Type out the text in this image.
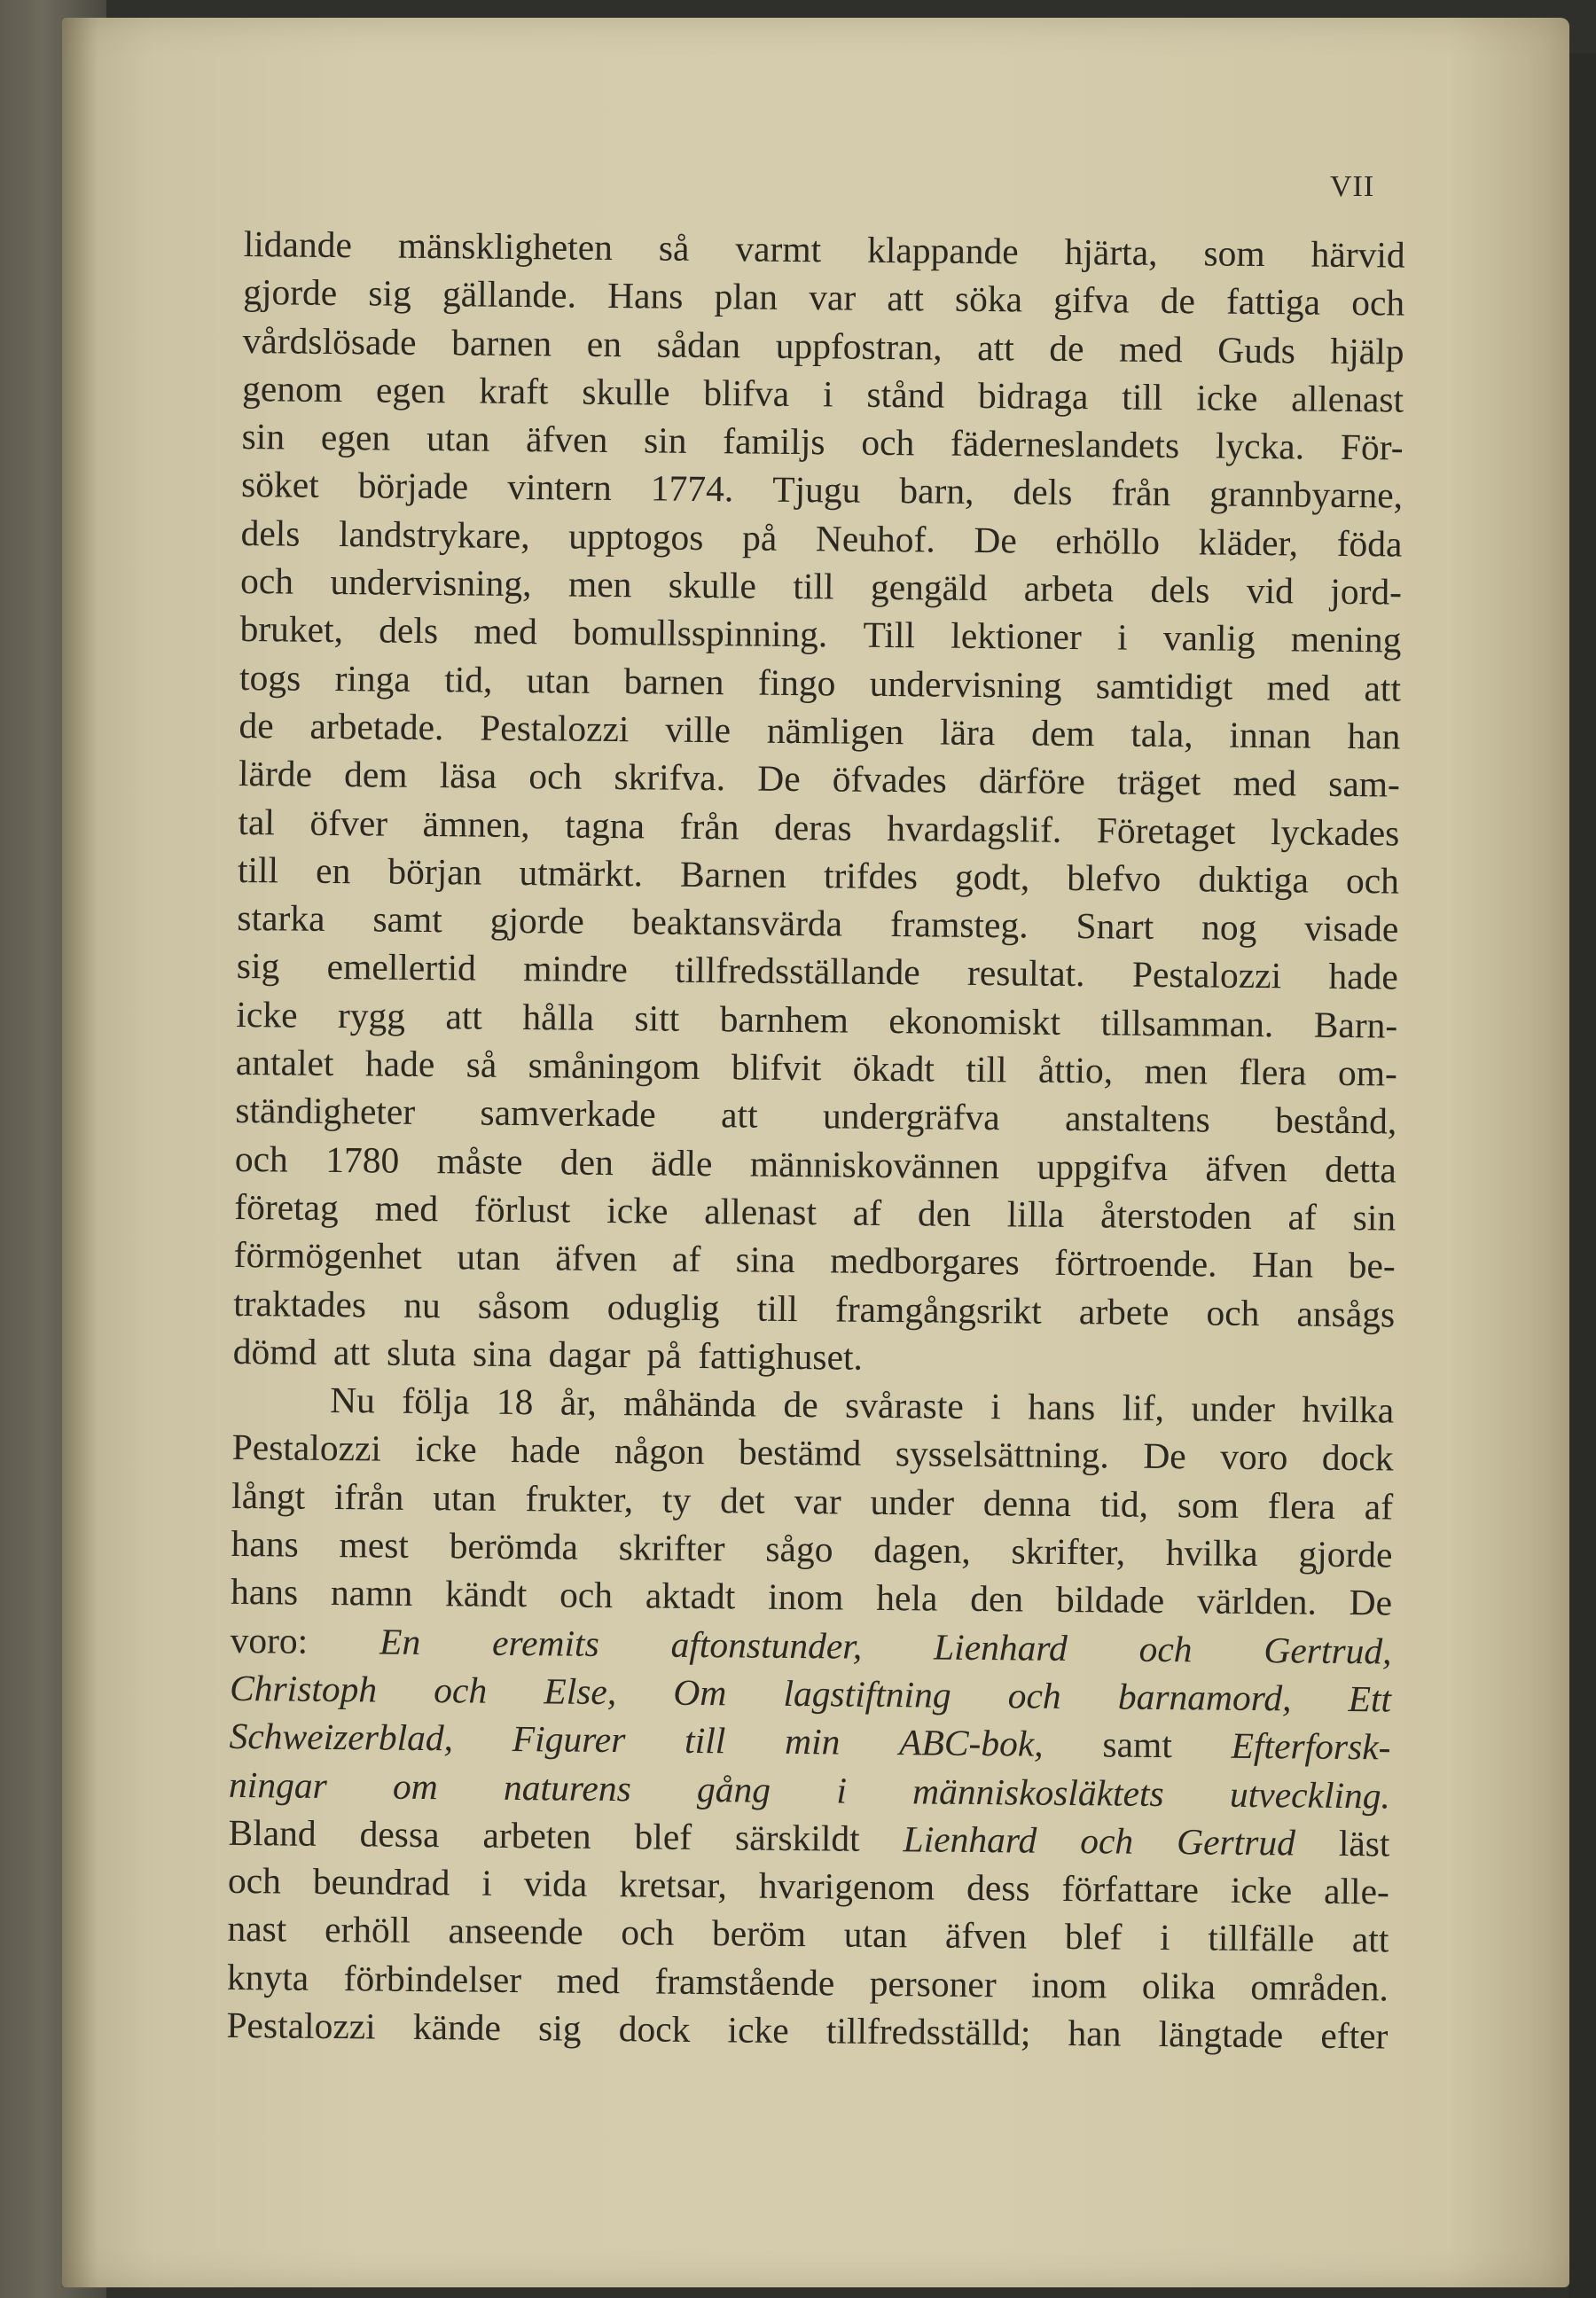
VII
lidande mänskligheten så varmt klappande hjärta, som härvid
gjorde sig gällande. Hans plan var att söka gifva de fattiga och
vårdslösade barnen en sådan uppfostran, att de med Guds hjälp
genom egen kraft skulle blifva i stånd bidraga till icke allenast
sin egen utan äfven sin familjs och fäderneslandets lycka. För-
söket började vintern 1774. Tjugu barn, dels från grannbyarne,
dels landstrykare, upptogos på Neuhof. De erhöllo kläder, föda
och undervisning, men skulle till gengäld arbeta dels vid jord-
bruket, dels med bomullsspinning. Till lektioner i vanlig mening
togs ringa tid, utan barnen fingo undervisning samtidigt med att
de arbetade. Pestalozzi ville nämligen lära dem tala, innan han
lärde dem läsa och skrifva. De öfvades därföre träget med sam-
tal öfver ämnen, tagna från deras hvardagslif. Företaget lyckades
till en början utmärkt. Barnen trifdes godt, blefvo duktiga och
starka samt gjorde beaktansvärda framsteg. Snart nog visade
sig emellertid mindre tillfredsställande resultat. Pestalozzi hade
icke rygg att hålla sitt barnhem ekonomiskt tillsamman. Barn-
antalet hade så småningom blifvit ökadt till åttio, men flera om-
ständigheter samverkade att undergräfva anstaltens bestånd,
och 1780 måste den ädle människovännen uppgifva äfven detta
företag med förlust icke allenast af den lilla återstoden af sin
förmögenhet utan äfven af sina medborgares förtroende. Han be-
traktades nu såsom oduglig till framgångsrikt arbete och ansågs
dömd att sluta sina dagar på fattighuset.
Nu följa 18 år, måhända de svåraste i hans lif, under hvilka
Pestalozzi icke hade någon bestämd sysselsättning. De voro dock
långt ifrån utan frukter, ty det var under denna tid, som flera af
hans mest berömda skrifter sågo dagen, skrifter, hvilka gjorde
hans namn kändt och aktadt inom hela den bildade världen. De
voro: En eremits aftonstunder, Lienhard och Gertrud,
Christoph och Else, Om lagstiftning och barnamord, Ett
Schweizerblad, Figurer till min ABC-bok, samt Efterforsk-
ningar om naturens gång i människosläktets utveckling.
Bland dessa arbeten blef särskildt Lienhard och Gertrud läst
och beundrad i vida kretsar, hvarigenom dess författare icke alle-
nast erhöll anseende och beröm utan äfven blef i tillfälle att
knyta förbindelser med framstående personer inom olika områden.
Pestalozzi kände sig dock icke tillfredsställd; han längtade efter
